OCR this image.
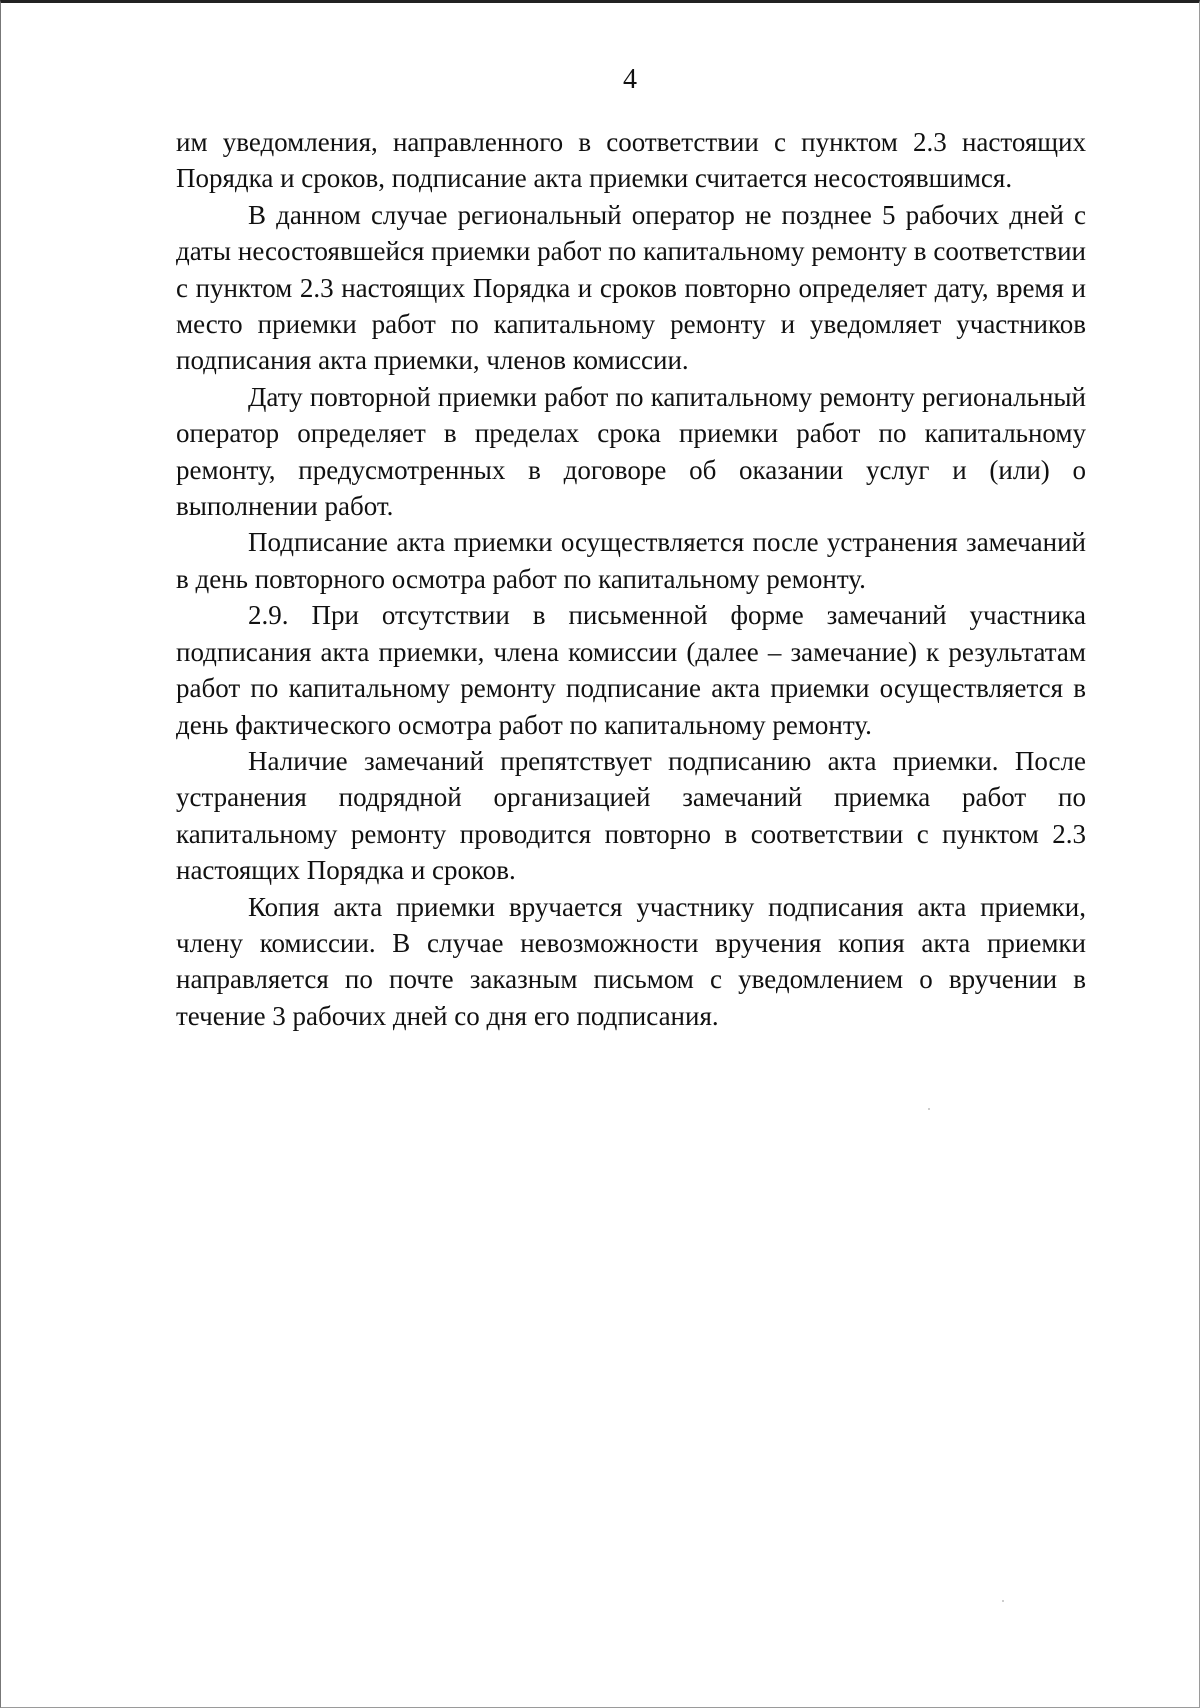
4

им уведомления, направленного в соответствии с пунктом 2.3 настоящих Порядка и сроков, подписание акта приемки считается несостоявшимся.

В данном случае региональный оператор не позднее 5 рабочих дней с даты несостоявшейся приемки работ по капитальному ремонту в соответствии с пунктом 2.3 настоящих Порядка и сроков повторно определяет дату, время и место приемки работ по капитальному ремонту и уведомляет участников подписания акта приемки, членов комиссии.

Дату повторной приемки работ по капитальному ремонту региональный оператор определяет в пределах срока приемки работ по капитальному ремонту, предусмотренных в договоре об оказании услуг и (или) о выполнении работ.

Подписание акта приемки осуществляется после устранения замечаний в день повторного осмотра работ по капитальному ремонту.

2.9. При отсутствии в письменной форме замечаний участника подписания акта приемки, члена комиссии (далее – замечание) к результатам работ по капитальному ремонту подписание акта приемки осуществляется в день фактического осмотра работ по капитальному ремонту.

Наличие замечаний препятствует подписанию акта приемки. После устранения подрядной организацией замечаний приемка работ по капитальному ремонту проводится повторно в соответствии с пунктом 2.3 настоящих Порядка и сроков.

Копия акта приемки вручается участнику подписания акта приемки, члену комиссии. В случае невозможности вручения копия акта приемки направляется по почте заказным письмом с уведомлением о вручении в течение 3 рабочих дней со дня его подписания.
